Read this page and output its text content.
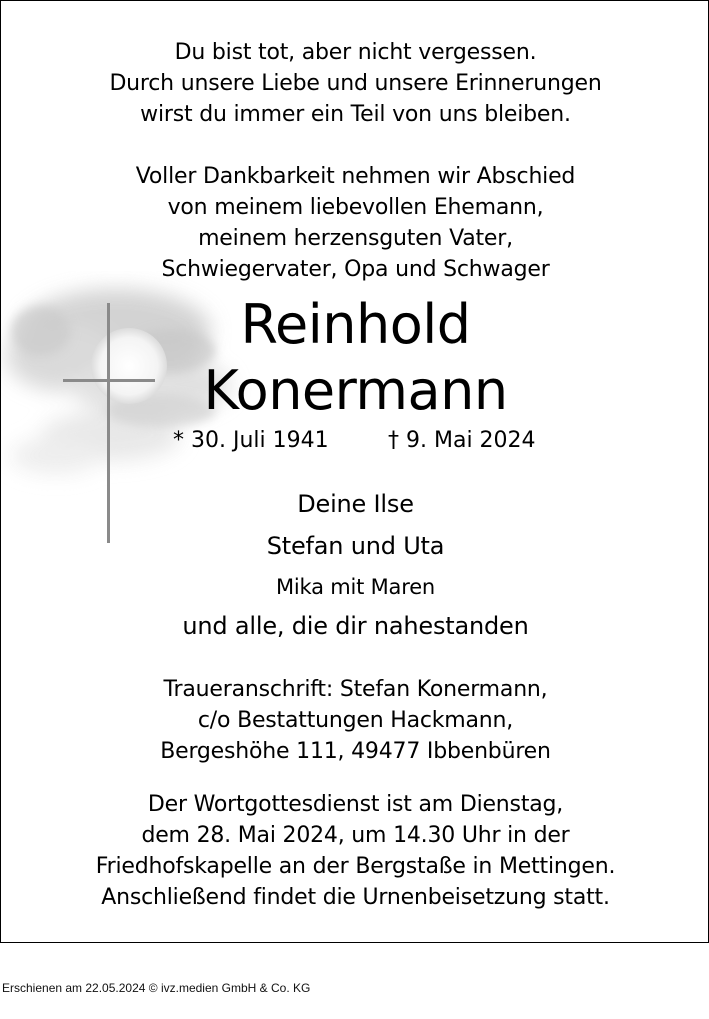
Du bist tot, aber nicht vergessen.
Durch unsere Liebe und unsere Erinnerungen
wirst du immer ein Teil von uns bleiben.
Voller Dankbarkeit nehmen wir Abschied
von meinem liebevollen Ehemann,
meinem herzensguten Vater,
Schwiegervater, Opa und Schwager
Reinhold
Konermann
* 30. Juli 1941	† 9. Mai 2024
Deine Ilse
Stefan und Uta
Mika mit Maren
und alle, die dir nahestanden
Traueranschrift: Stefan Konermann,
c/o Bestattungen Hackmann,
Bergeshöhe 111, 49477 Ibbenbüren
Der Wortgottesdienst ist am Dienstag,
dem 28. Mai 2024, um 14.30 Uhr in der
Friedhofskapelle an der Bergstaße in Mettingen.
Anschließend findet die Urnenbeisetzung statt.
Erschienen am 22.05.2024 © ivz.medien GmbH & Co. KG
